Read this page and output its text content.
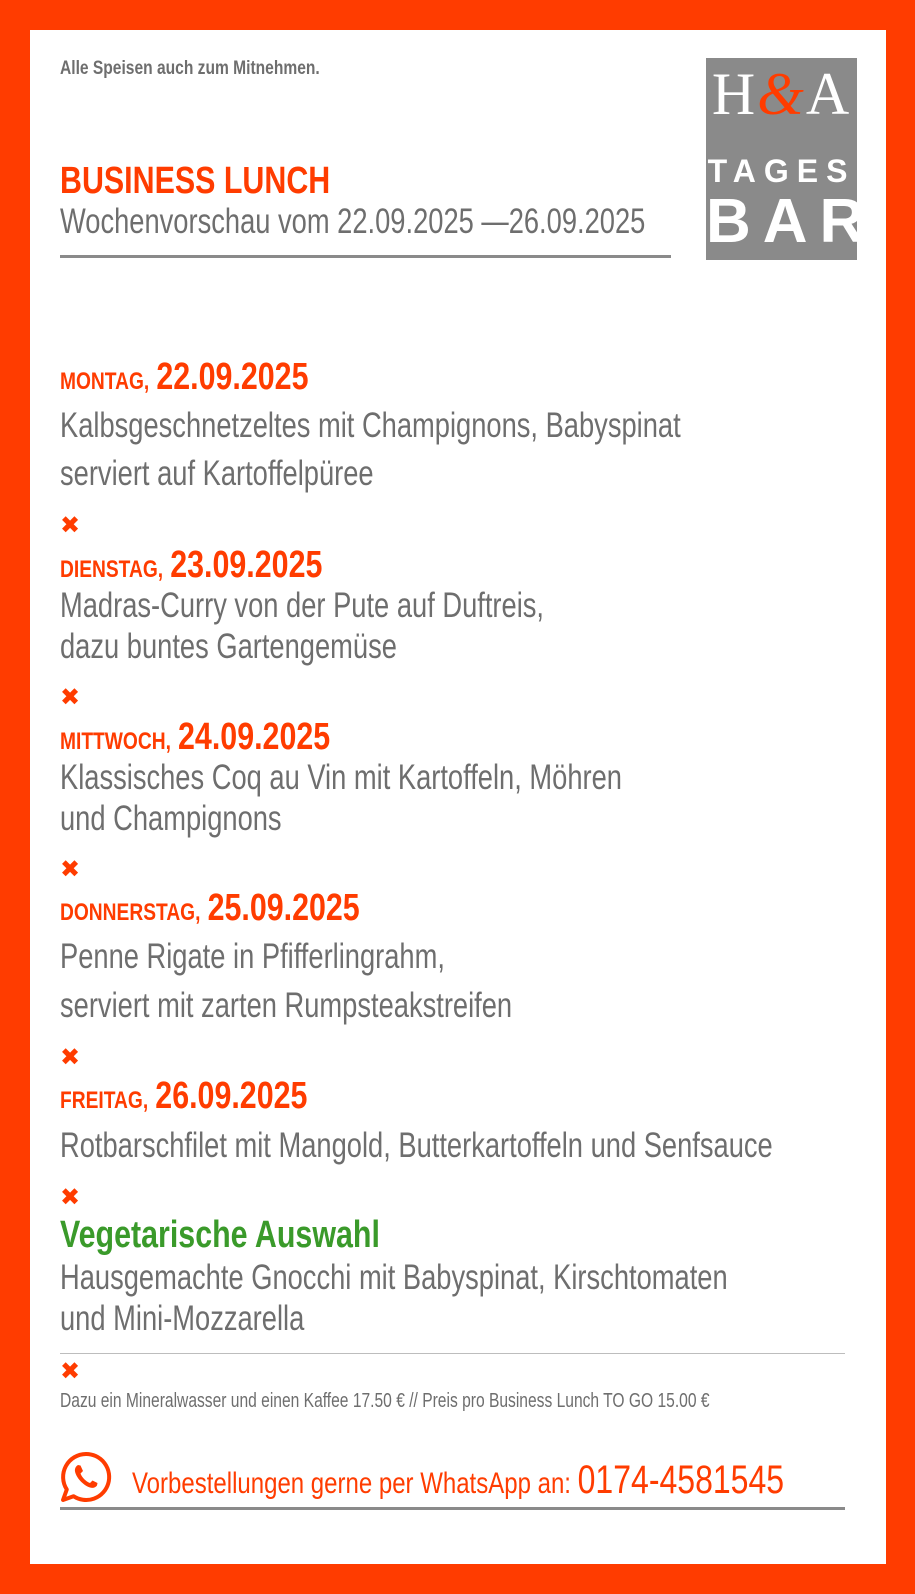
Alle Speisen auch zum Mitnehmen.	H&A
TAGES
BAR
BUSINESS LUNCH
Wochenvorschau vom 22.09.2025 —26.09.2025
MONTAG, 22.09.2025
Kalbsgeschnetzeltes mit Champignons, Babyspinat
serviert auf Kartoffelpüree
✖
DIENSTAG, 23.09.2025
Madras-Curry von der Pute auf Duftreis,
dazu buntes Gartengemüse
✖
MITTWOCH, 24.09.2025
Klassisches Coq au Vin mit Kartoffeln, Möhren
und Champignons
✖
DONNERSTAG, 25.09.2025
Penne Rigate in Pfifferlingrahm,
serviert mit zarten Rumpsteakstreifen
✖
FREITAG, 26.09.2025
Rotbarschfilet mit Mangold, Butterkartoffeln und Senfsauce
✖
Vegetarische Auswahl
Hausgemachte Gnocchi mit Babyspinat, Kirschtomaten
und Mini-Mozzarella
✖
Dazu ein Mineralwasser und einen Kaffee 17.50 € // Preis pro Business Lunch TO GO 15.00 €
Vorbestellungen gerne per WhatsApp an: 0174-4581545
